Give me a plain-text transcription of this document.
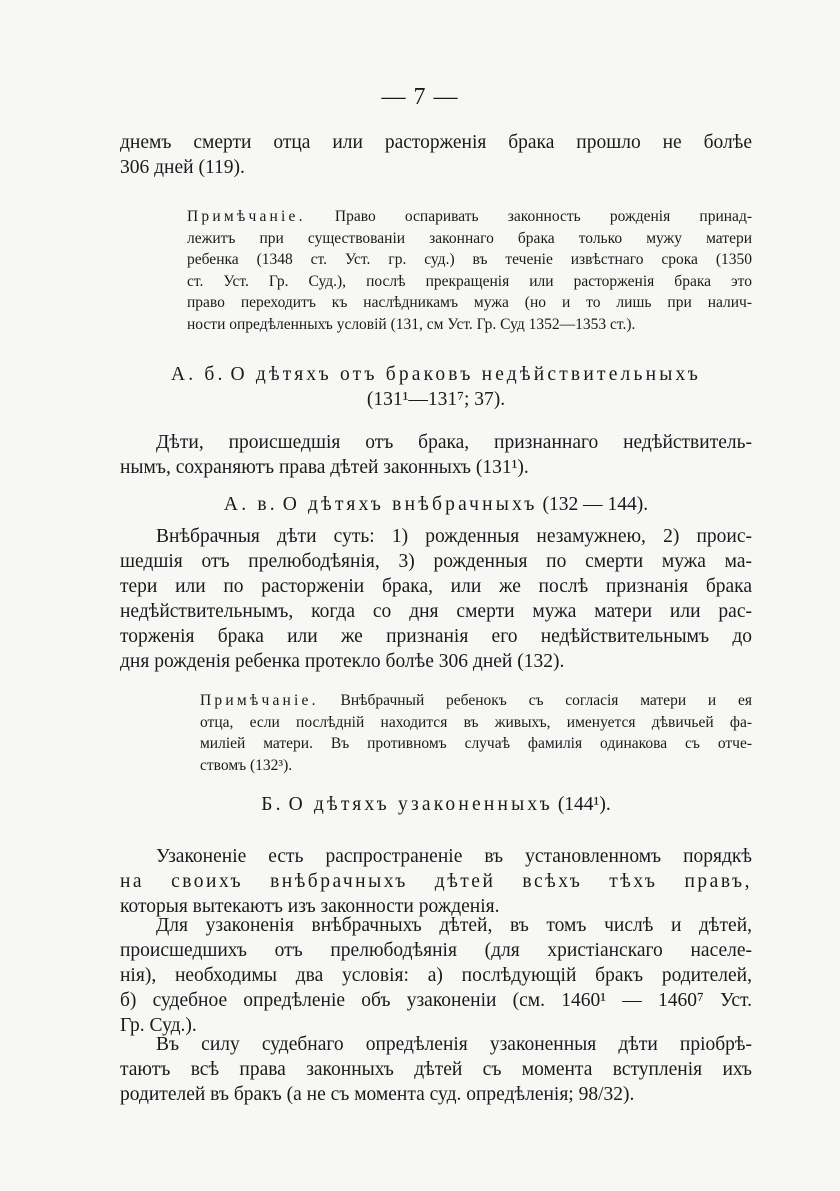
— 7 —
днемъ смерти отца или расторженія брака прошло не болѣе
306 дней (119).
Примѣчаніе. Право оспаривать законность рожденія принад-
лежитъ при существованіи законнаго брака только мужу матери
ребенка (1348 ст. Уст. гр. суд.) въ теченіе извѣстнаго срока (1350
ст. Уст. Гр. Суд.), послѣ прекращенія или расторженія брака это
право переходитъ къ наслѣдникамъ мужа (но и то лишь при налич-
ности опредѣленныхъ условій (131, см Уст. Гр. Суд 1352—1353 ст.).
А. б. О дѣтяхъ отъ браковъ недѣйствительныхъ
(131¹—131⁷; 37).
Дѣти, происшедшія отъ брака, признаннаго недѣйствитель-
нымъ, сохраняютъ права дѣтей законныхъ (131¹).
А. в. О дѣтяхъ внѣбрачныхъ (132 — 144).
Внѣбрачныя дѣти суть: 1) рожденныя незамужнею, 2) проис-
шедшія отъ прелюбодѣянія, 3) рожденныя по смерти мужа ма-
тери или по расторженіи брака, или же послѣ признанія брака
недѣйствительнымъ, когда со дня смерти мужа матери или рас-
торженія брака или же признанія его недѣйствительнымъ до
дня рожденія ребенка протекло болѣе 306 дней (132).
Примѣчаніе. Внѣбрачный ребенокъ съ согласія матери и ея
отца, если послѣдній находится въ живыхъ, именуется дѣвичьей фа-
миліей матери. Въ противномъ случаѣ фамилія одинакова съ отче-
ствомъ (132³).
Б. О дѣтяхъ узаконенныхъ (144¹).
Узаконеніе есть распространеніе въ установленномъ порядкѣ
на своихъ внѣбрачныхъ дѣтей всѣхъ тѣхъ правъ,
которыя вытекаютъ изъ законности рожденія.
Для узаконенія внѣбрачныхъ дѣтей, въ томъ числѣ и дѣтей,
происшедшихъ отъ прелюбодѣянія (для христіанскаго населе-
нія), необходимы два условія: а) послѣдующій бракъ родителей,
б) судебное опредѣленіе объ узаконеніи (см. 1460¹ — 1460⁷ Уст.
Гр. Суд.).
Въ силу судебнаго опредѣленія узаконенныя дѣти пріобрѣ-
таютъ всѣ права законныхъ дѣтей съ момента вступленія ихъ
родителей въ бракъ (а не съ момента суд. опредѣленія; 98/32).
